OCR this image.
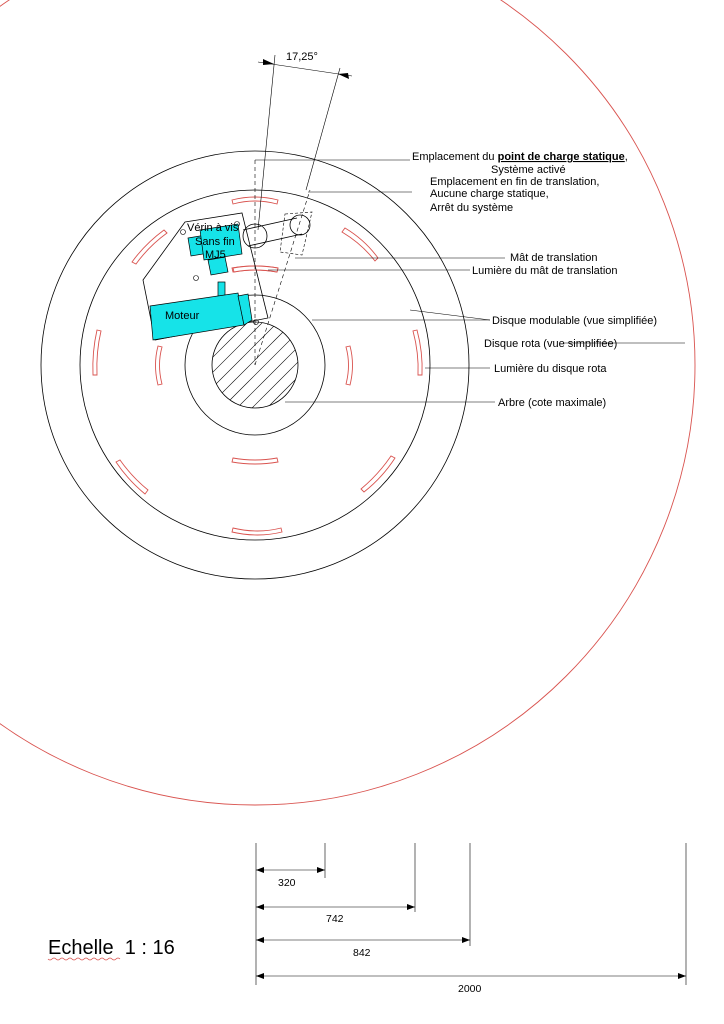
17,25°
Emplacement du point de charge statique,
Système activé
Emplacement en fin de translation,
Aucune charge statique,
Arrêt du système
Mât de translation
Lumière du mât de translation
Disque modulable (vue simplifiée)
Disque rota (vue simplifiée)
Lumière du disque rota
Arbre (cote maximale)
Vérin à vis
Sans fin
MJ5
Moteur
320
742
842
2000
Echelle  1 : 16
